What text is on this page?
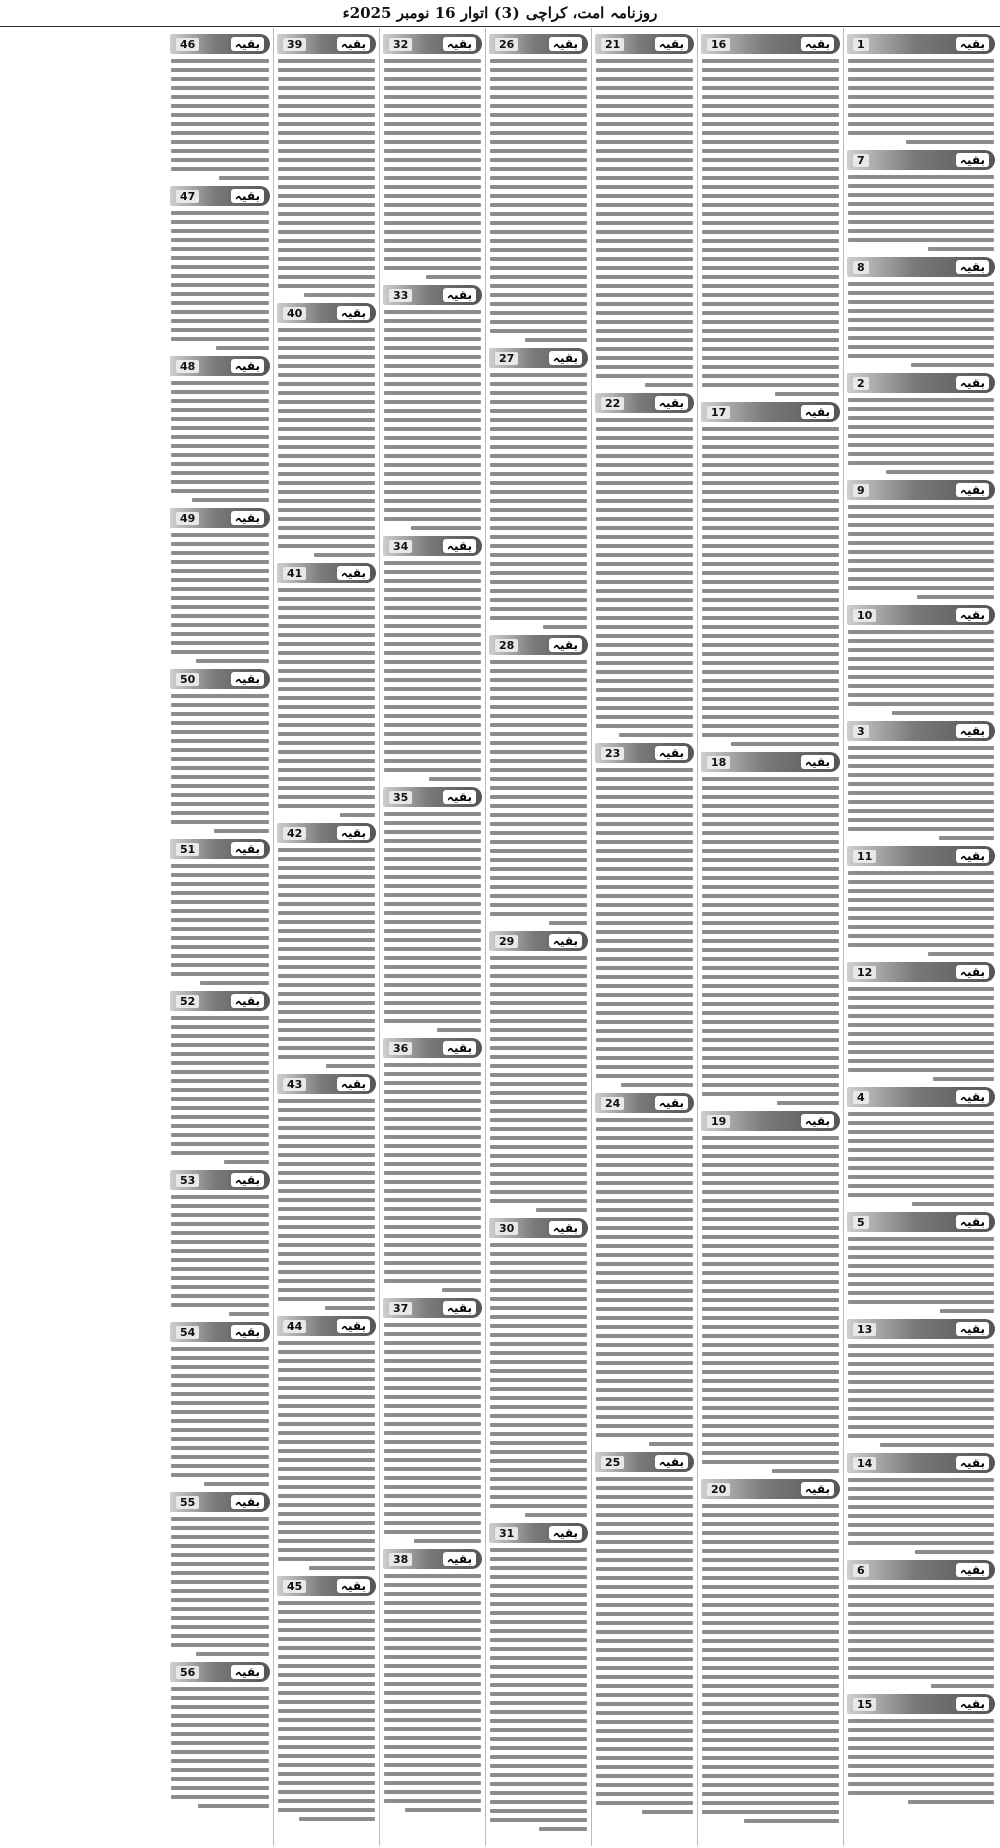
روزنامہ

امت
،
کراچی

(3)

اتوار 16 نومبر 2025ء
1	بقیہ
7	بقیہ
8	بقیہ
2	بقیہ
9	بقیہ
10	بقیہ
3	بقیہ
11	بقیہ
12	بقیہ
4	بقیہ
5	بقیہ
13	بقیہ
14	بقیہ
6	بقیہ
15	بقیہ
16	بقیہ
17	بقیہ
18	بقیہ
19	بقیہ
20	بقیہ
21	بقیہ
22	بقیہ
23	بقیہ
24	بقیہ
25	بقیہ
26	بقیہ
27	بقیہ
28	بقیہ
29	بقیہ
30	بقیہ
31	بقیہ
32	بقیہ
33	بقیہ
34	بقیہ
35	بقیہ
36	بقیہ
37	بقیہ
38	بقیہ
39	بقیہ
40	بقیہ
41	بقیہ
42	بقیہ
43	بقیہ
44	بقیہ
45	بقیہ
46	بقیہ
47	بقیہ
48	بقیہ
49	بقیہ
50	بقیہ
51	بقیہ
52	بقیہ
53	بقیہ
54	بقیہ
55	بقیہ
56	بقیہ
